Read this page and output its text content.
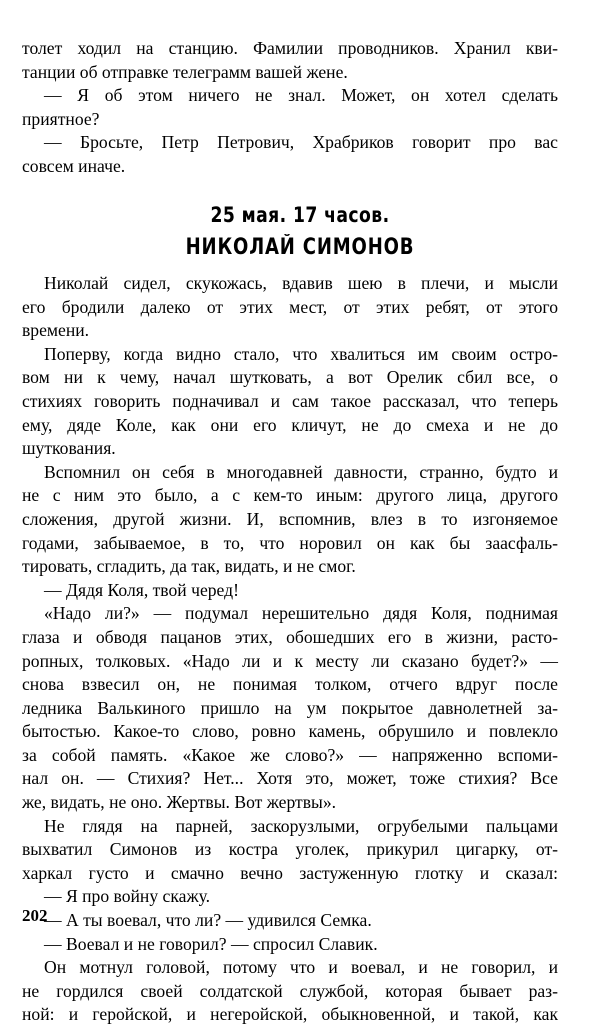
толет ходил на станцию. Фамилии проводников. Хранил кви-
танции об отправке телеграмм вашей жене.
— Я об этом ничего не знал. Может, он хотел сделать
приятное?
— Бросьте, Петр Петрович, Храбриков говорит про вас
совсем иначе.
25 мая. 17 часов.
НИКОЛАЙ СИМОНОВ
Николай сидел, скукожась, вдавив шею в плечи, и мысли
его бродили далеко от этих мест, от этих ребят, от этого
времени.
Поперву, когда видно стало, что хвалиться им своим остро-
вом ни к чему, начал шутковать, а вот Орелик сбил все, о
стихиях говорить подначивал и сам такое рассказал, что теперь
ему, дяде Коле, как они его кличут, не до смеха и не до
шуткования.
Вспомнил он себя в многодавней давности, странно, будто и
не с ним это было, а с кем-то иным: другого лица, другого
сложения, другой жизни. И, вспомнив, влез в то изгоняемое
годами, забываемое, в то, что норовил он как бы заасфаль-
тировать, сгладить, да так, видать, и не смог.
— Дядя Коля, твой черед!
«Надо ли?» — подумал нерешительно дядя Коля, поднимая
глаза и обводя пацанов этих, обошедших его в жизни, расто-
ропных, толковых. «Надо ли и к месту ли сказано будет?» —
снова взвесил он, не понимая толком, отчего вдруг после
ледника Валькиного пришло на ум покрытое давнолетней за-
бытостью. Какое-то слово, ровно камень, обрушило и повлекло
за собой память. «Какое же слово?» — напряженно вспоми-
нал он. — Стихия? Нет... Хотя это, может, тоже стихия? Все
же, видать, не оно. Жертвы. Вот жертвы».
Не глядя на парней, заскорузлыми, огрубелыми пальцами
выхватил Симонов из костра уголек, прикурил цигарку, от-
харкал густо и смачно вечно застуженную глотку и сказал:
— Я про войну скажу.
— А ты воевал, что ли? — удивился Семка.
— Воевал и не говорил? — спросил Славик.
Он мотнул головой, потому что и воевал, и не говорил, и
не гордился своей солдатской службой, которая бывает раз-
ной: и геройской, и негеройской, обыкновенной, и такой, как
202
